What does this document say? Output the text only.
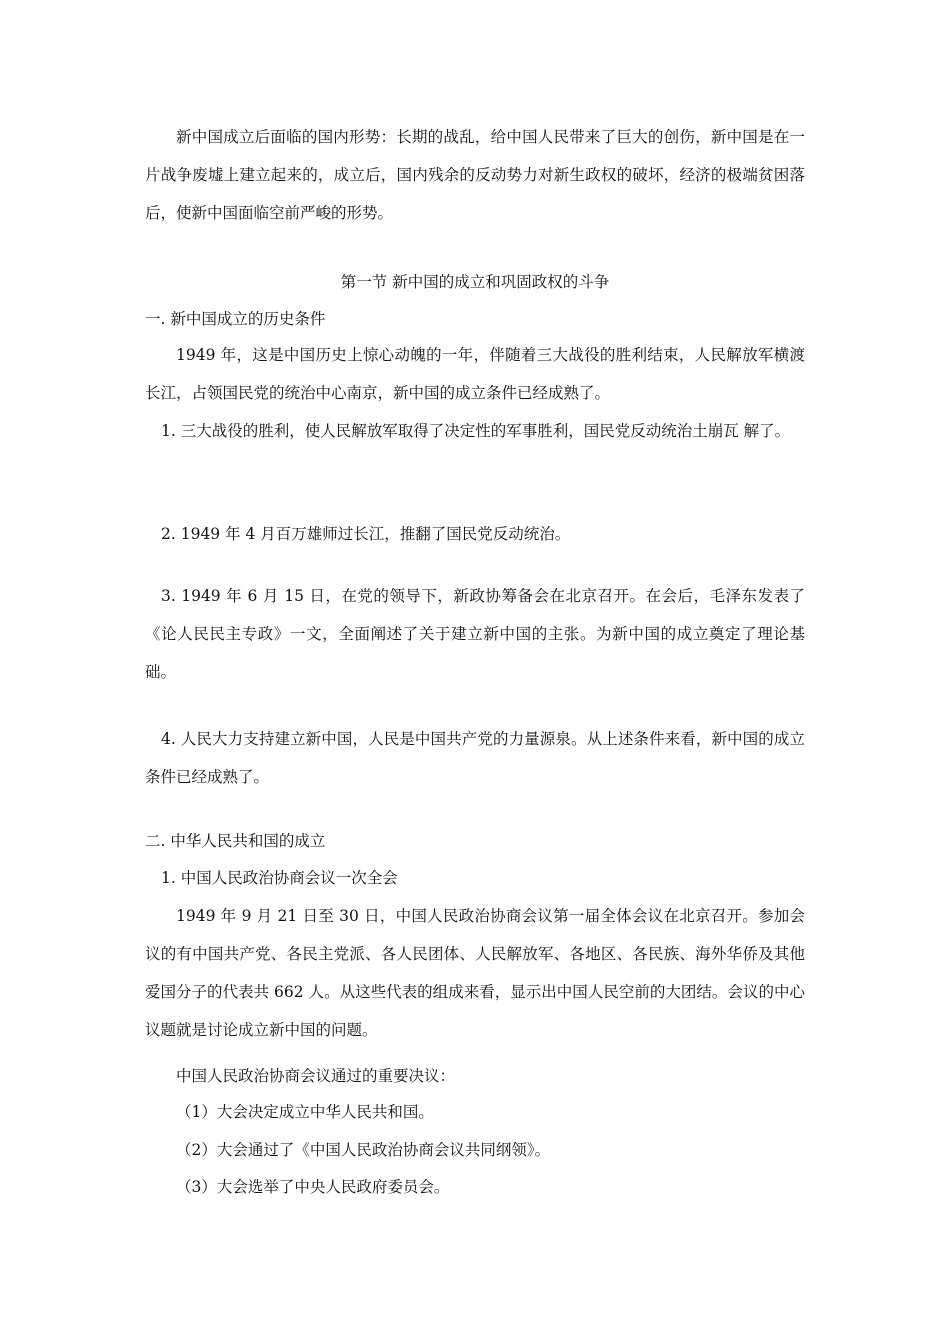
新中国成立后面临的国内形势：长期的战乱，给中国人民带来了巨大的创伤，新中国是在一片战争废墟上建立起来的，成立后，国内残余的反动势力对新生政权的破坏，经济的极端贫困落后，使新中国面临空前严峻的形势。

第一节 新中国的成立和巩固政权的斗争

一. 新中国成立的历史条件

1949 年，这是中国历史上惊心动魄的一年，伴随着三大战役的胜利结束，人民解放军横渡长江，占领国民党的统治中心南京，新中国的成立条件已经成熟了。

1. 三大战役的胜利，使人民解放军取得了决定性的军事胜利，国民党反动统治土崩瓦 解了。

2. 1949 年 4 月百万雄师过长江，推翻了国民党反动统治。

3. 1949 年 6 月 15 日，在党的领导下，新政协筹备会在北京召开。在会后，毛泽东发表了《论人民民主专政》一文，全面阐述了关于建立新中国的主张。为新中国的成立奠定了理论基础。

4. 人民大力支持建立新中国，人民是中国共产党的力量源泉。从上述条件来看，新中国的成立条件已经成熟了。

二. 中华人民共和国的成立

1. 中国人民政治协商会议一次全会

1949 年 9 月 21 日至 30 日，中国人民政治协商会议第一届全体会议在北京召开。参加会议的有中国共产党、各民主党派、各人民团体、人民解放军、各地区、各民族、海外华侨及其他爱国分子的代表共 662 人。从这些代表的组成来看，显示出中国人民空前的大团结。会议的中心议题就是讨论成立新中国的问题。

中国人民政治协商会议通过的重要决议：

（1）大会决定成立中华人民共和国。

（2）大会通过了《中国人民政治协商会议共同纲领》。

（3）大会选举了中央人民政府委员会。
